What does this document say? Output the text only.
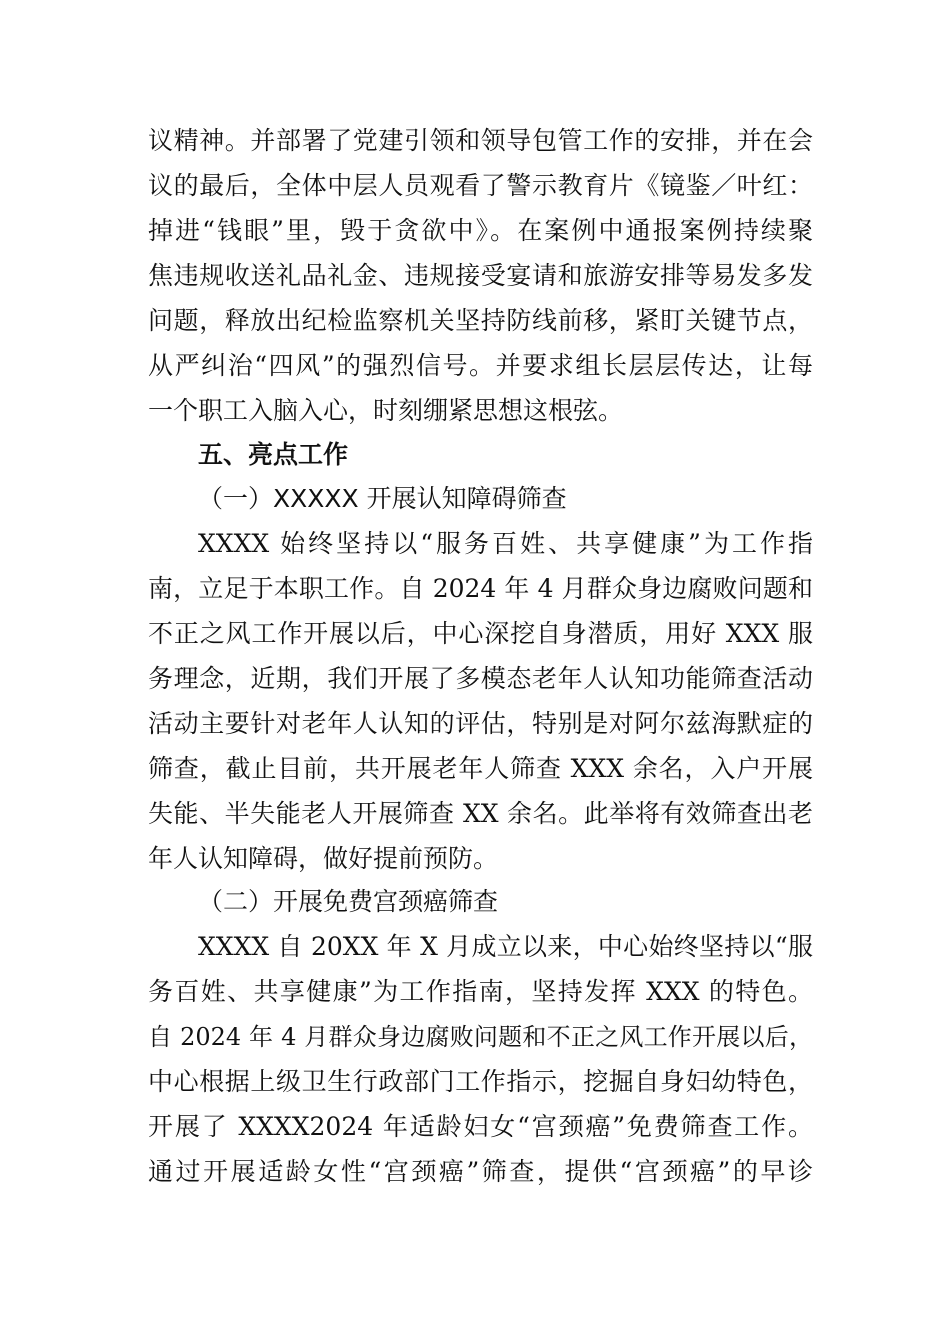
议精神。并部署了党建引领和领导包管工作的安排，并在会
议的最后，全体中层人员观看了警示教育片《镜鉴／叶红：
掉进“钱眼”里，毁于贪欲中》。在案例中通报案例持续聚
焦违规收送礼品礼金、违规接受宴请和旅游安排等易发多发
问题，释放出纪检监察机关坚持防线前移，紧盯关键节点，
从严纠治“四风”的强烈信号。并要求组长层层传达，让每
一个职工入脑入心，时刻绷紧思想这根弦。
五、亮点工作
（一）XXXXX 开展认知障碍筛查
XXXX 始终坚持以“服务百姓、共享健康”为工作指
南，立足于本职工作。自 2024 年 4 月群众身边腐败问题和
不正之风工作开展以后，中心深挖自身潜质，用好 XXX 服
务理念，近期，我们开展了多模态老年人认知功能筛查活动
活动主要针对老年人认知的评估，特别是对阿尔兹海默症的
筛查，截止目前，共开展老年人筛查 XXX 余名，入户开展
失能、半失能老人开展筛查 XX 余名。此举将有效筛查出老
年人认知障碍，做好提前预防。
（二）开展免费宫颈癌筛查
XXXX 自 20XX 年 X 月成立以来，中心始终坚持以“服
务百姓、共享健康”为工作指南，坚持发挥 XXX 的特色。
自 2024 年 4 月群众身边腐败问题和不正之风工作开展以后，
中心根据上级卫生行政部门工作指示，挖掘自身妇幼特色，
开展了 XXXX2024 年适龄妇女“宫颈癌”免费筛查工作。
通过开展适龄女性“宫颈癌”筛查，提供“宫颈癌”的早诊
